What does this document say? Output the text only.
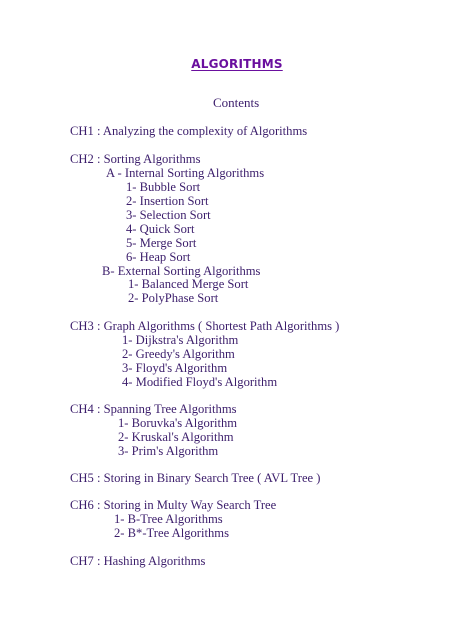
ALGORITHMS
Contents
CH1 : Analyzing the complexity of Algorithms
CH2 : Sorting Algorithms
A - Internal Sorting Algorithms
1- Bubble Sort
2- Insertion Sort
3- Selection Sort
4- Quick Sort
5- Merge Sort
6- Heap Sort
B- External Sorting Algorithms
1- Balanced Merge Sort
2- PolyPhase Sort
CH3 : Graph Algorithms ( Shortest Path Algorithms )
1- Dijkstra's Algorithm
2- Greedy's Algorithm
3- Floyd's Algorithm
4- Modified Floyd's Algorithm
CH4 : Spanning Tree Algorithms
1- Boruvka's Algorithm
2- Kruskal's Algorithm
3- Prim's Algorithm
CH5 : Storing in Binary Search Tree ( AVL Tree )
CH6 : Storing in Multy Way Search Tree
1- B-Tree Algorithms
2- B*-Tree Algorithms
CH7 : Hashing Algorithms
